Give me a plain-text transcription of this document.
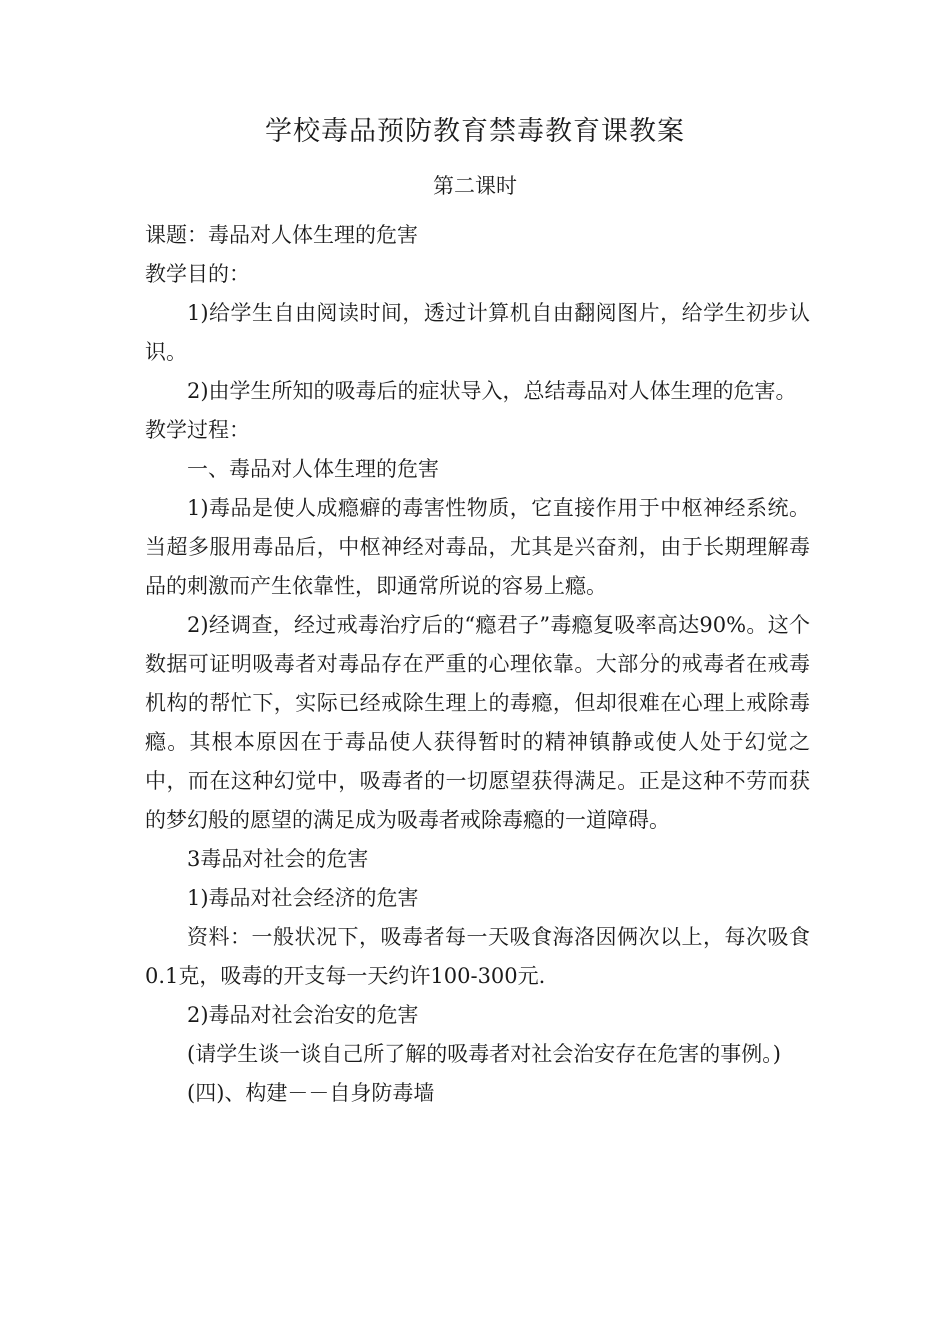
学校毒品预防教育禁毒教育课教案
第二课时

课题：毒品对人体生理的危害

教学目的：

1)给学生自由阅读时间，透过计算机自由翻阅图片，给学生初步认识。

2)由学生所知的吸毒后的症状导入，总结毒品对人体生理的危害。

教学过程：

一、毒品对人体生理的危害

1)毒品是使人成瘾癖的毒害性物质，它直接作用于中枢神经系统。当超多服用毒品后，中枢神经对毒品，尤其是兴奋剂，由于长期理解毒品的刺激而产生依靠性，即通常所说的容易上瘾。

2)经调查，经过戒毒治疗后的“瘾君子”毒瘾复吸率高达90%。这个数据可证明吸毒者对毒品存在严重的心理依靠。大部分的戒毒者在戒毒机构的帮忙下，实际已经戒除生理上的毒瘾，但却很难在心理上戒除毒瘾。其根本原因在于毒品使人获得暂时的精神镇静或使人处于幻觉之中，而在这种幻觉中，吸毒者的一切愿望获得满足。正是这种不劳而获的梦幻般的愿望的满足成为吸毒者戒除毒瘾的一道障碍。

3毒品对社会的危害

1)毒品对社会经济的危害

资料：一般状况下，吸毒者每一天吸食海洛因俩次以上，每次吸食0.1克，吸毒的开支每一天约许100-300元.

2)毒品对社会治安的危害

(请学生谈一谈自己所了解的吸毒者对社会治安存在危害的事例。)

(四)、构建－－自身防毒墙
